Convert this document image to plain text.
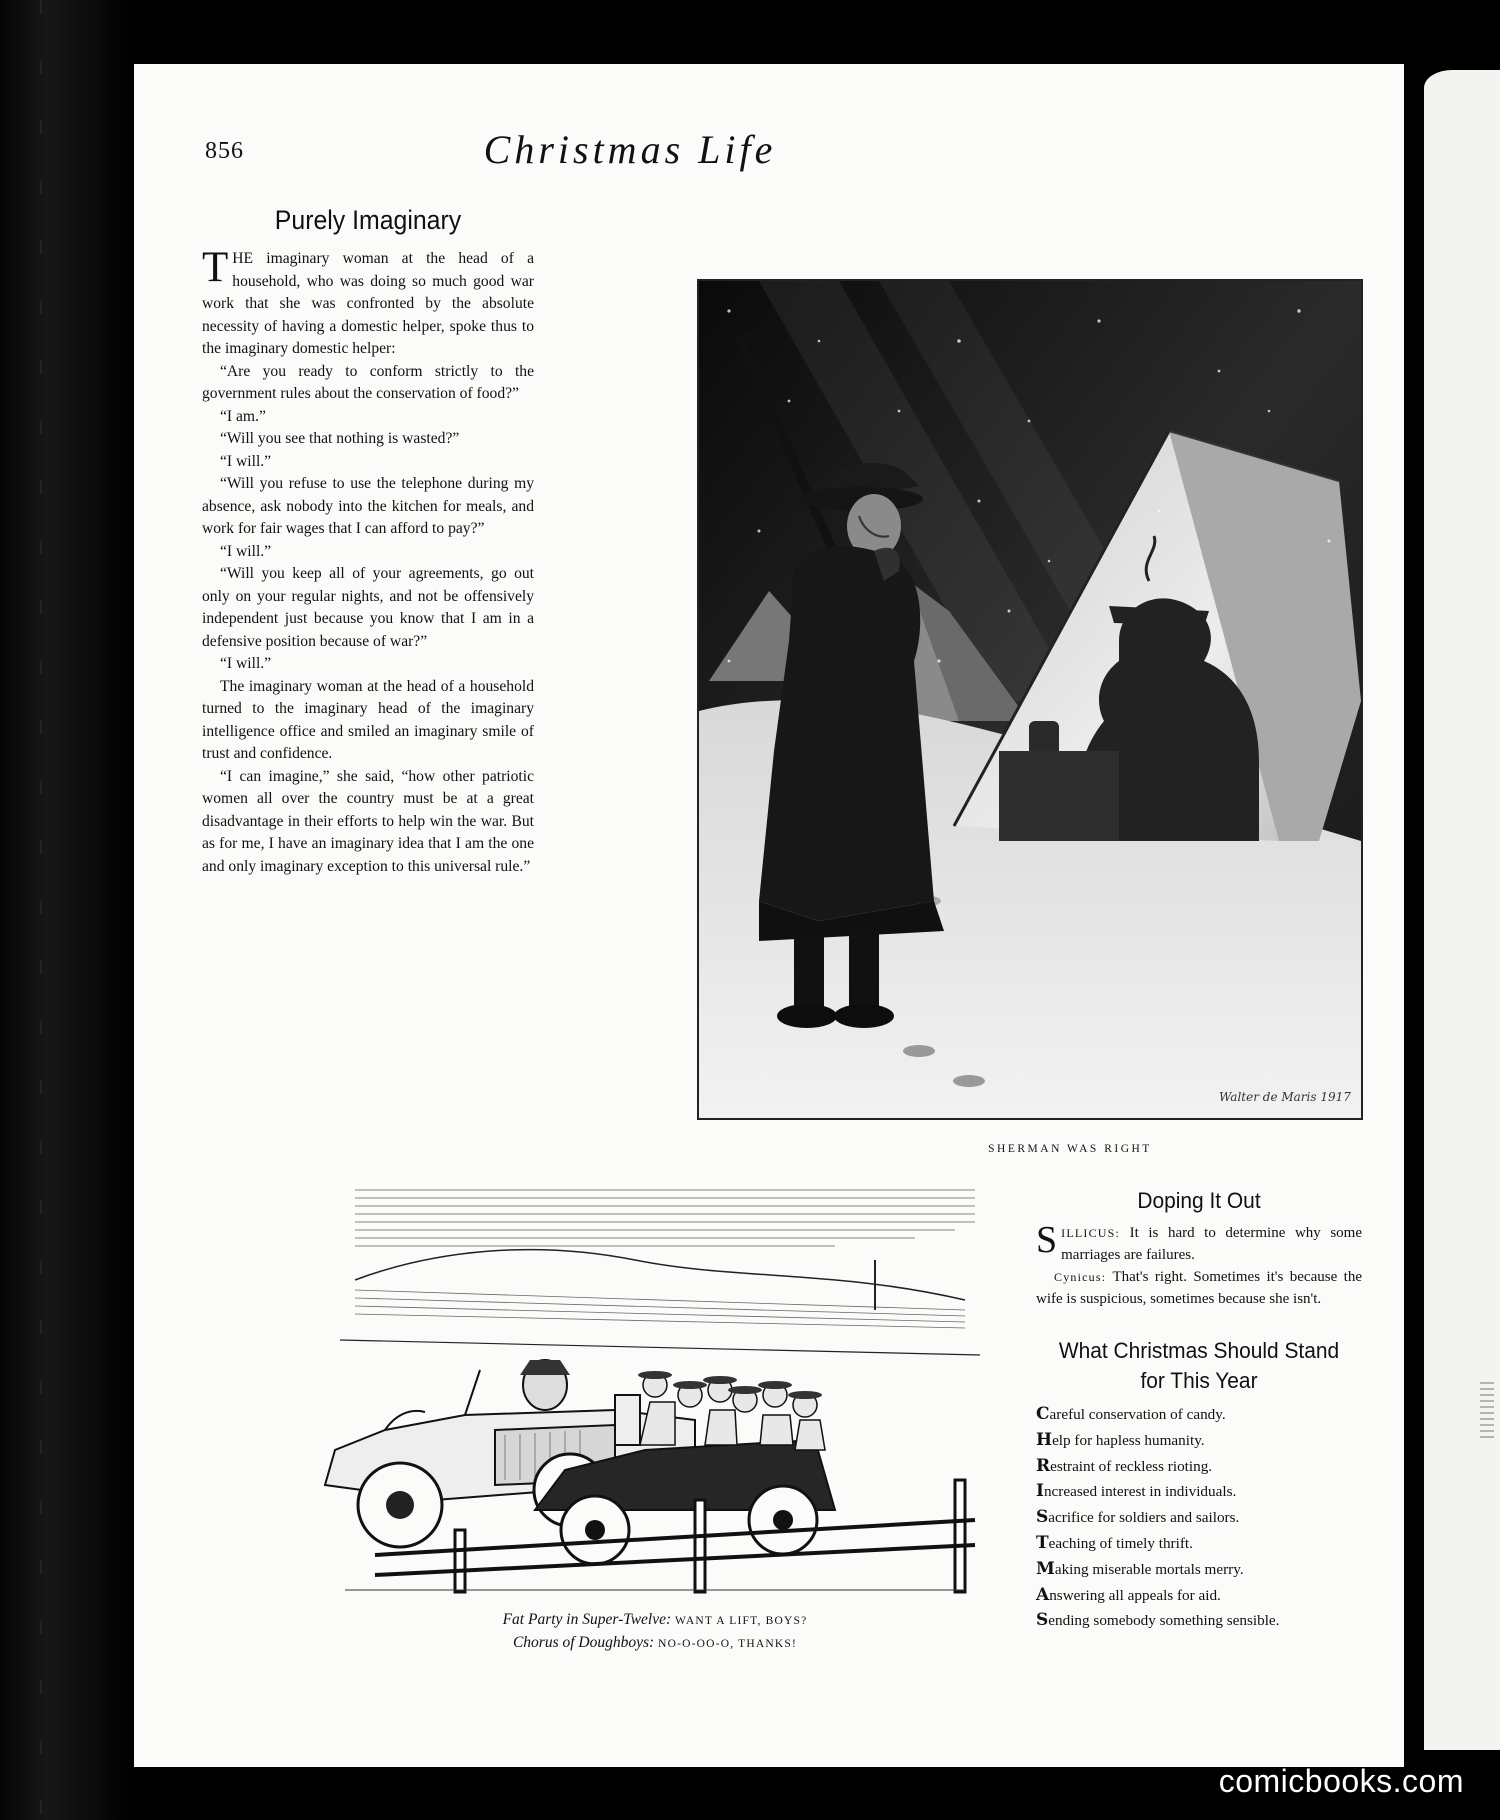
856	Christmas Life
Purely Imaginary

THE imaginary woman at the head of a household, who was doing so much good war work that she was confronted by the absolute necessity of having a domestic helper, spoke thus to the imaginary domestic helper:

“Are you ready to conform strictly to the government rules about the conservation of food?”

“I am.”

“Will you see that nothing is wasted?”

“I will.”

“Will you refuse to use the telephone during my absence, ask nobody into the kitchen for meals, and work for fair wages that I can afford to pay?”

“I will.”

“Will you keep all of your agreements, go out only on your regular nights, and not be offensively independent just because you know that I am in a defensive position because of war?”

“I will.”

The imaginary woman at the head of a household turned to the imaginary head of the imaginary intelligence office and smiled an imaginary smile of trust and confidence.

“I can imagine,” she said, “how other patriotic women all over the country must be at a great disadvantage in their efforts to help win the war. But as for me, I have an imaginary idea that I am the one and only imaginary exception to this universal rule.”

Walter de Maris 1917
SHERMAN WAS RIGHT
Fat Party in Super-Twelve: WANT A LIFT, BOYS?
Chorus of Doughboys: NO-O-OO-O, THANKS!
Doping It Out

SILLICUS: It is hard to determine why some marriages are failures.

Cynicus: That's right. Sometimes it's because the wife is suspicious, sometimes because she isn't.

What Christmas Should Stand for This Year
Careful conservation of candy.
Help for hapless humanity.
Restraint of reckless rioting.
Increased interest in individuals.
Sacrifice for soldiers and sailors.
Teaching of timely thrift.
Making miserable mortals merry.
Answering all appeals for aid.
Sending somebody something sensible.
comicbooks.com
